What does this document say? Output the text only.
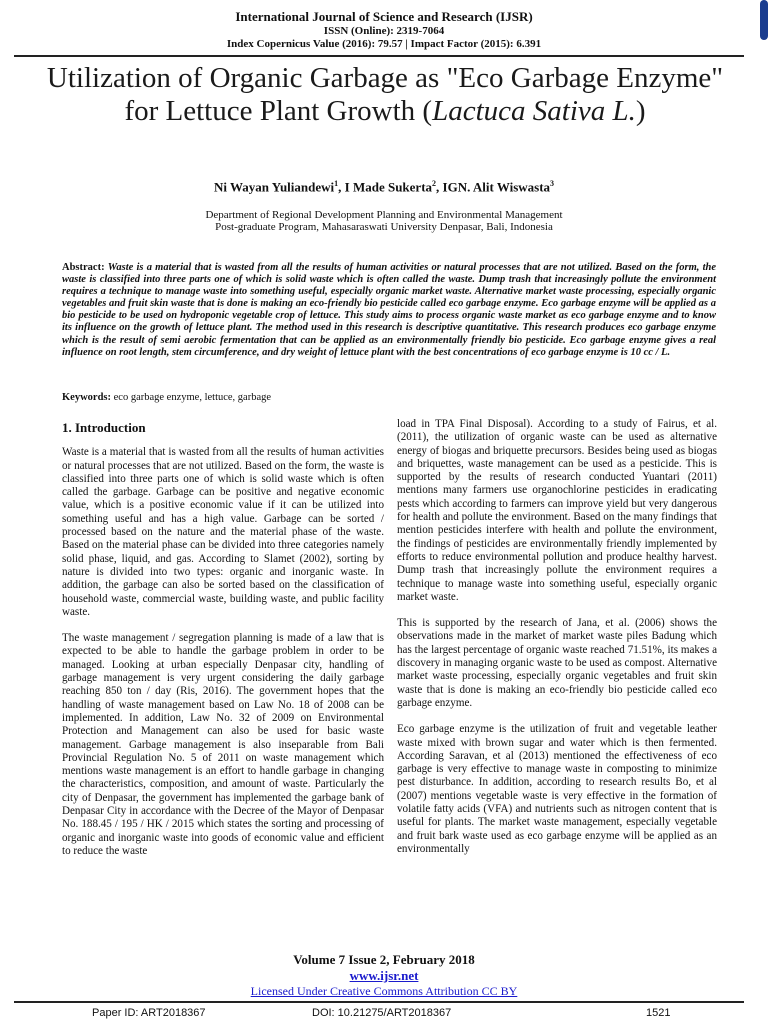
International Journal of Science and Research (IJSR)
ISSN (Online): 2319-7064
Index Copernicus Value (2016): 79.57 | Impact Factor (2015): 6.391
Utilization of Organic Garbage as "Eco Garbage Enzyme" for Lettuce Plant Growth (Lactuca Sativa L.)
Ni Wayan Yuliandewi$^1$, I Made Sukerta$^2$, IGN. Alit Wiswasta$^3$
Department of Regional Development Planning and Environmental Management
Post-graduate Program, Mahasaraswati University Denpasar, Bali, Indonesia
Abstract: Waste is a material that is wasted from all the results of human activities or natural processes that are not utilized. Based on the form, the waste is classified into three parts one of which is solid waste which is often called the waste. Dump trash that increasingly pollute the environment requires a technique to manage waste into something useful, especially organic market waste. Alternative market waste processing, especially organic vegetables and fruit skin waste that is done is making an eco-friendly bio pesticide called eco garbage enzyme. Eco garbage enzyme will be applied as a bio pesticide to be used on hydroponic vegetable crop of lettuce. This study aims to process organic waste market as eco garbage enzyme and to know its influence on the growth of lettuce plant. The method used in this research is descriptive quantitative. This research produces eco garbage enzyme which is the result of semi aerobic fermentation that can be applied as an environmentally friendly bio pesticide. Eco garbage enzyme gives a real influence on root length, stem circumference, and dry weight of lettuce plant with the best concentrations of eco garbage enzyme is 10 cc / L.
Keywords: eco garbage enzyme, lettuce, garbage
1. Introduction

Waste is a material that is wasted from all the results of human activities or natural processes that are not utilized. Based on the form, the waste is classified into three parts one of which is solid waste which is often called the garbage. Garbage can be positive and negative economic value, which is a positive economic value if it can be utilized into something useful and has a high value. Garbage can be sorted / processed based on the nature and the material phase of the waste. Based on the material phase can be divided into three categories namely solid phase, liquid, and gas. According to Slamet (2002), sorting by nature is divided into two types: organic and inorganic waste. In addition, the garbage can also be sorted based on the classification of household waste, commercial waste, building waste, and public facility waste.

The waste management / segregation planning is made of a law that is expected to be able to handle the garbage problem in order to be managed. Looking at urban especially Denpasar city, handling of garbage management is very urgent considering the daily garbage reaching 850 ton / day (Ris, 2016). The government hopes that the handling of waste management based on Law No. 18 of 2008 can be implemented. In addition, Law No. 32 of 2009 on Environmental Protection and Management can also be used for basic waste management. Garbage management is also inseparable from Bali Provincial Regulation No. 5 of 2011 on waste management which mentions waste management is an effort to handle garbage in changing the characteristics, composition, and amount of waste. Particularly the city of Denpasar, the government has implemented the garbage bank of Denpasar City in accordance with the Decree of the Mayor of Denpasar No. 188.45 / 195 / HK / 2015 which states the sorting and processing of organic and inorganic waste into goods of economic value and efficient to reduce the waste

load in TPA Final Disposal). According to a study of Fairus, et al. (2011), the utilization of organic waste can be used as alternative energy of biogas and briquette precursors. Besides being used as biogas and briquettes, waste management can be used as a pesticide. This is supported by the results of research conducted Yuantari (2011) mentions many farmers use organochlorine pesticides in eradicating pests which according to farmers can improve yield but very dangerous for health and pollute the environment. Based on the many findings that mention pesticides interfere with health and pollute the environment, the findings of pesticides are environmentally friendly implemented by efforts to reduce environmental pollution and produce healthy harvest. Dump trash that increasingly pollute the environment requires a technique to manage waste into something useful, especially organic market waste.

This is supported by the research of Jana, et al. (2006) shows the observations made in the market of market waste piles Badung which has the largest percentage of organic waste reached 71.51%, its makes a discovery in managing organic waste to be used as compost. Alternative market waste processing, especially organic vegetables and fruit skin waste that is done is making an eco-friendly bio pesticide called eco garbage enzyme.

Eco garbage enzyme is the utilization of fruit and vegetable leather waste mixed with brown sugar and water which is then fermented. According Saravan, et al (2013) mentioned the effectiveness of eco garbage is very effective to manage waste in composting to minimize pest disturbance. In addition, according to research results Bo, et al (2007) mentions vegetable waste is very effective in the formation of volatile fatty acids (VFA) and nutrients such as nitrogen content that is useful for plants. The market waste management, especially vegetable and fruit bark waste used as eco garbage enzyme will be applied as an environmentally

Volume 7 Issue 2, February 2018
www.ijsr.net
Licensed Under Creative Commons Attribution CC BY
Paper ID: ART2018367	DOI: 10.21275/ART2018367	1521
